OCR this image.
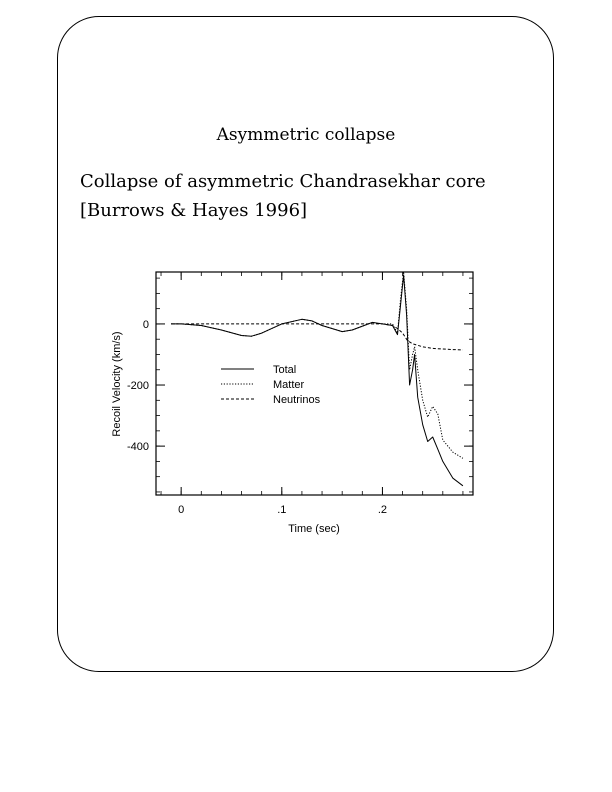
Asymmetric collapse
Collapse of asymmetric Chandrasekhar core
[Burrows & Hayes 1996]
0	.1	.2
0
-200
-400
Total
Matter
Neutrinos
Time (sec)
Recoil Velocity (km/s)
